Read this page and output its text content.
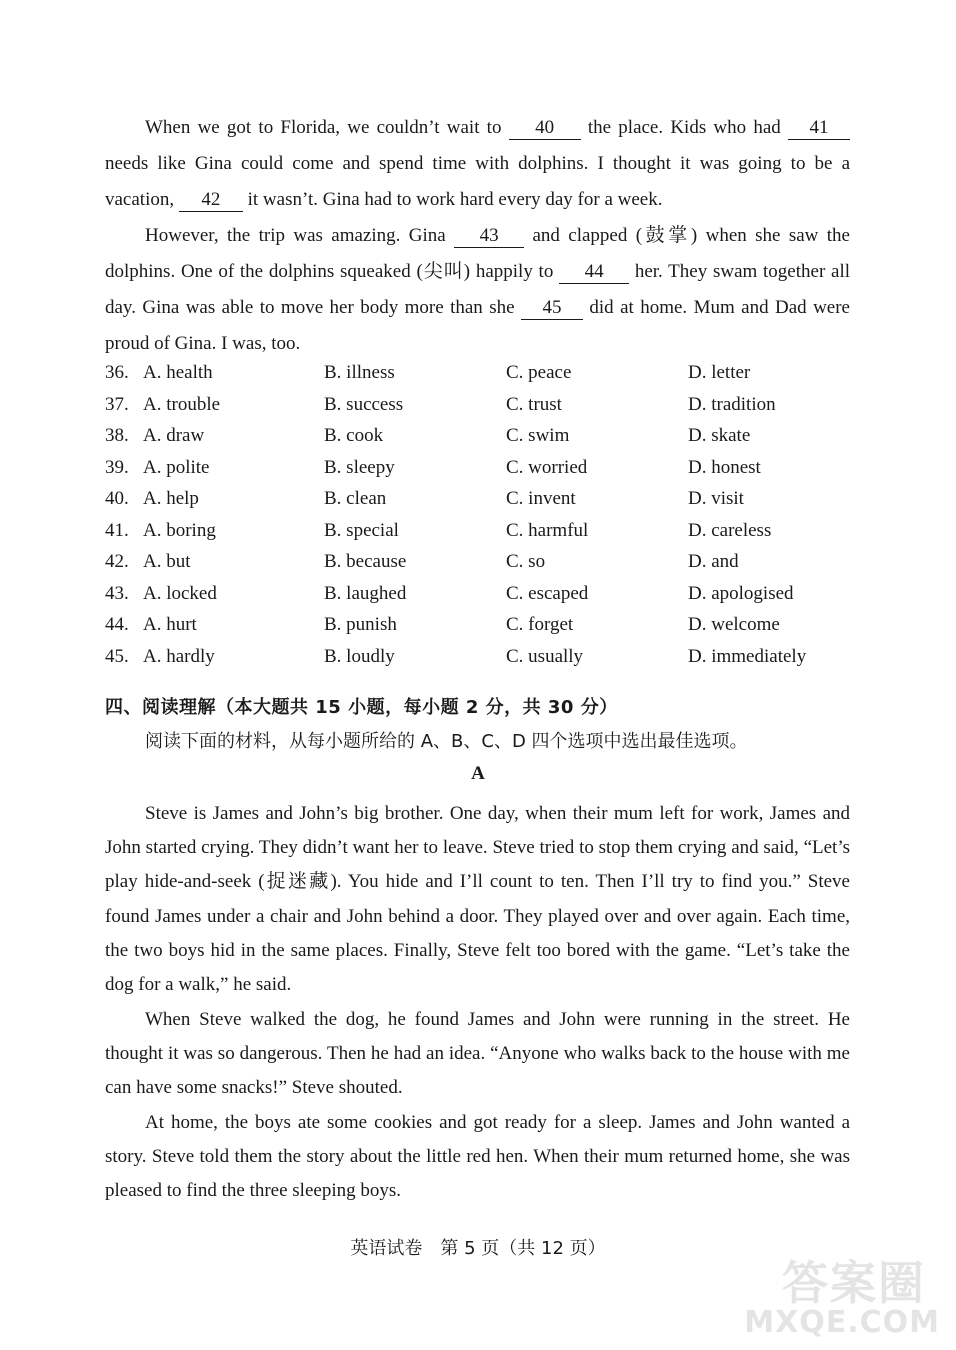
When we got to Florida, we couldn’t wait to 40 the place. Kids who had 41 needs like Gina could come and spend time with dolphins. I thought it was going to be a vacation, 42 it wasn’t. Gina had to work hard every day for a week.
However, the trip was amazing. Gina 43 and clapped (鼓掌) when she saw the dolphins. One of the dolphins squeaked (尖叫) happily to 44 her. They swam together all day. Gina was able to move her body more than she 45 did at home. Mum and Dad were proud of Gina. I was, too.
36. A. health	B. illness	C. peace	D. letter
37. A. trouble	B. success	C. trust	D. tradition
38. A. draw	B. cook	C. swim	D. skate
39. A. polite	B. sleepy	C. worried	D. honest
40. A. help	B. clean	C. invent	D. visit
41. A. boring	B. special	C. harmful	D. careless
42. A. but	B. because	C. so	D. and
43. A. locked	B. laughed	C. escaped	D. apologised
44. A. hurt	B. punish	C. forget	D. welcome
45. A. hardly	B. loudly	C. usually	D. immediately
四、阅读理解（本大题共 15 小题，每小题 2 分，共 30 分）
阅读下面的材料，从每小题所给的 A、B、C、D 四个选项中选出最佳选项。
A
Steve is James and John’s big brother. One day, when their mum left for work, James and John started crying. They didn’t want her to leave. Steve tried to stop them crying and said, “Let’s play hide-and-seek (捉迷藏). You hide and I’ll count to ten. Then I’ll try to find you.” Steve found James under a chair and John behind a door. They played over and over again. Each time, the two boys hid in the same places. Finally, Steve felt too bored with the game. “Let’s take the dog for a walk,” he said.
When Steve walked the dog, he found James and John were running in the street. He thought it was so dangerous. Then he had an idea. “Anyone who walks back to the house with me can have some snacks!” Steve shouted.
At home, the boys ate some cookies and got ready for a sleep. James and John wanted a story. Steve told them the story about the little red hen. When their mum returned home, she was pleased to find the three sleeping boys.
英语试卷　第 5 页（共 12 页）
答案圈
MXQE.COM
